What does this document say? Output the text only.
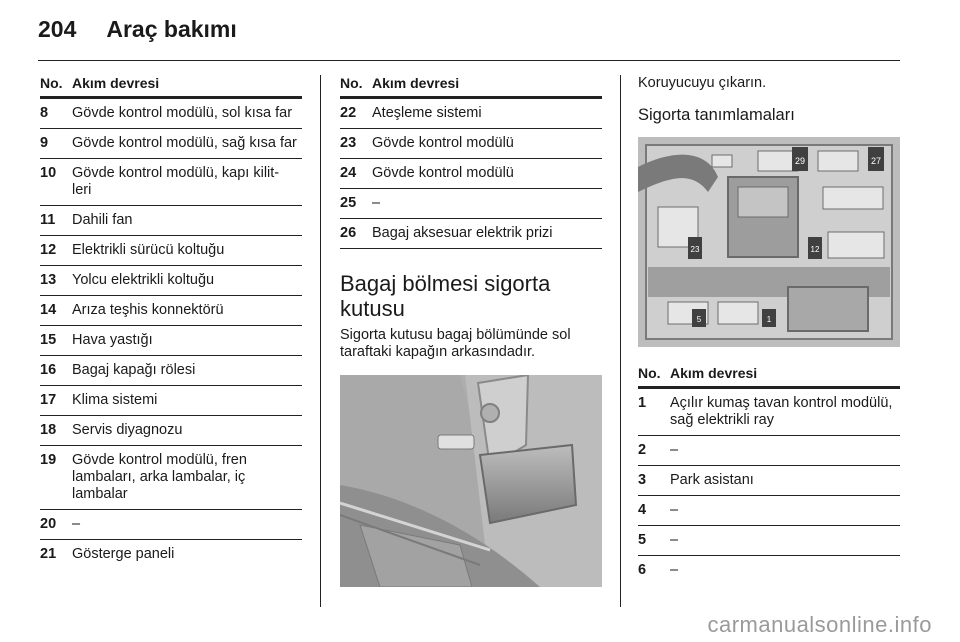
204 Araç bakımı
No. Akım devresi
8	Gövde kontrol modülü, sol kısa far
9	Gövde kontrol modülü, sağ kısa far
10	Gövde kontrol modülü, kapı kilit- leri
11	Dahili fan
12	Elektrikli sürücü koltuğu
13	Yolcu elektrikli koltuğu
14	Arıza teşhis konnektörü
15	Hava yastığı
16	Bagaj kapağı rölesi
17	Klima sistemi
18	Servis diyagnozu
19	Gövde kontrol modülü, fren lambaları, arka lambalar, iç lambalar
20	–
21	Gösterge paneli
No. Akım devresi
22	Ateşleme sistemi
23	Gövde kontrol modülü
24	Gövde kontrol modülü
25	–
26	Bagaj aksesuar elektrik prizi
Bagaj bölmesi sigorta kutusu
Sigorta kutusu bagaj bölümünde sol taraftaki kapağın arkasındadır.
Koruyucuyu çıkarın.
Sigorta tanımlamaları
29	27
23	12
5	1
No. Akım devresi
1	Açılır kumaş tavan kontrol modülü, sağ elektrikli ray
2	–
3	Park asistanı
4	–
5	–
6	–
carmanualsonline.info
